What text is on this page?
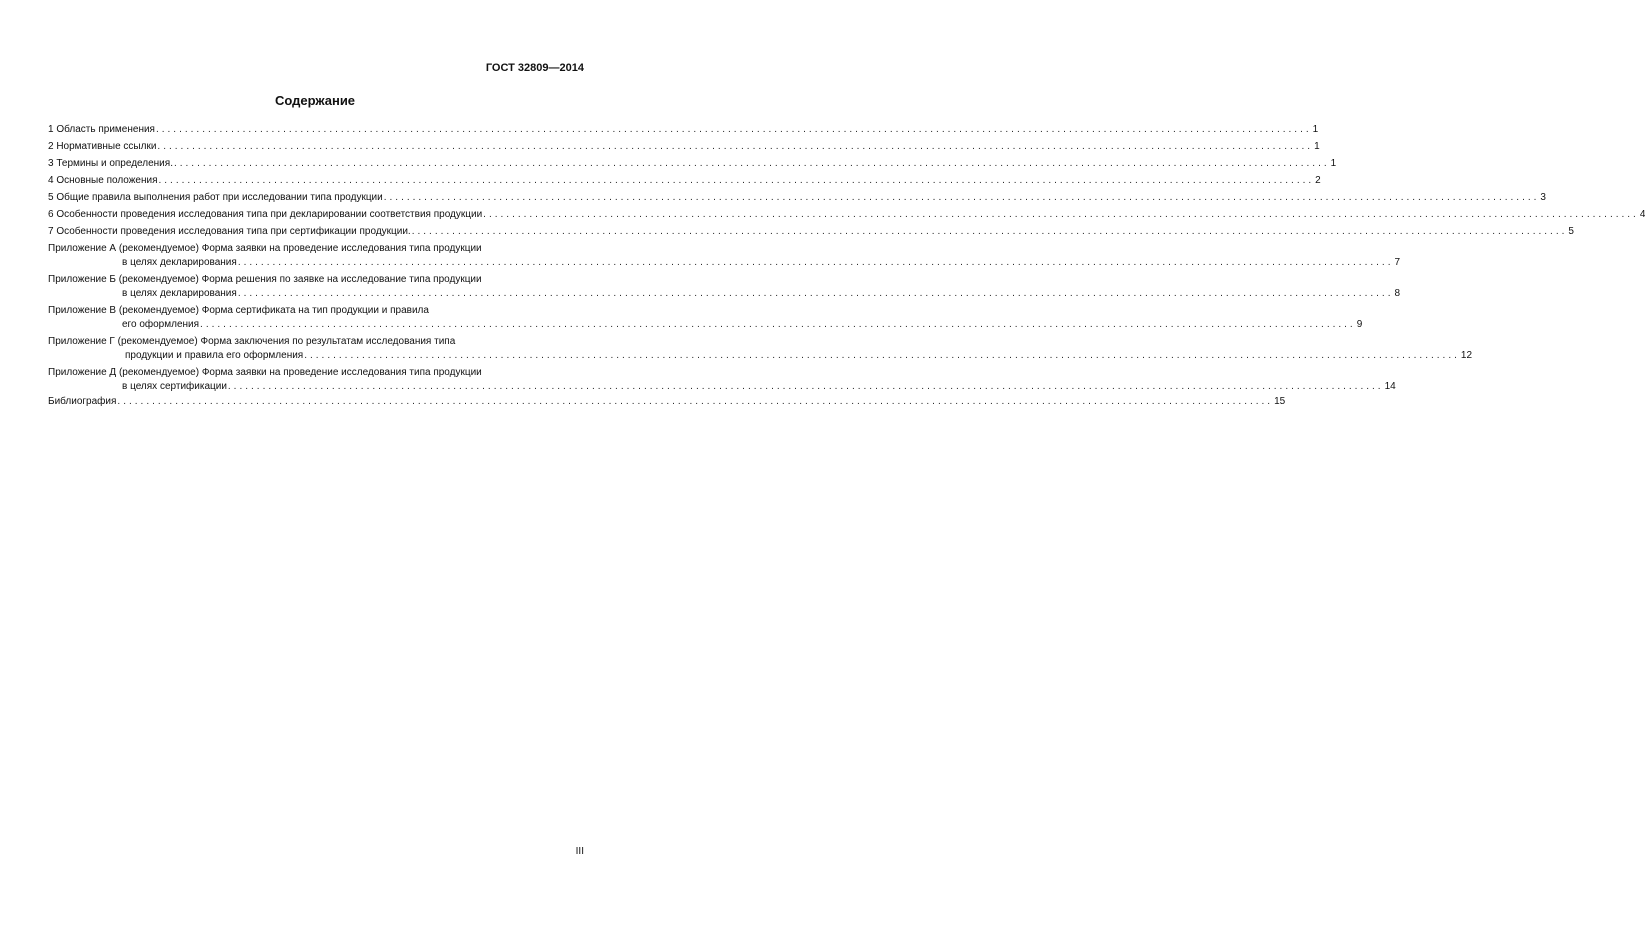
ГОСТ 32809—2014
Содержание
1 Область применения ........................................................................................................................................................................................................ 1
2 Нормативные ссылки ........................................................................................................................................................................................................ 1
3 Термины и определения. ........................................................................................................................................................................................................ 1
4 Основные положения ........................................................................................................................................................................................................ 2
5 Общие правила выполнения работ при исследовании типа продукции ........................................................................................................................................................................................................ 3
6 Особенности проведения исследования типа при декларировании соответствия продукции ........................................................................................................................................................................................................ 4
7 Особенности проведения исследования типа при сертификации продукции. ........................................................................................................................................................................................................ 5
Приложение А (рекомендуемое) Форма заявки на проведение исследования типа продукции
в целях декларирования ........................................................................................................................................................................................................ 7
Приложение Б (рекомендуемое) Форма решения по заявке на исследование типа продукции
в целях декларирования ........................................................................................................................................................................................................ 8
Приложение В (рекомендуемое) Форма сертификата на тип продукции и правила
его оформления ........................................................................................................................................................................................................ 9
Приложение Г (рекомендуемое) Форма заключения по результатам исследования типа
продукции и правила его оформления ........................................................................................................................................................................................................ 12
Приложение Д (рекомендуемое) Форма заявки на проведение исследования типа продукции
в целях сертификации ........................................................................................................................................................................................................ 14
Библиография ........................................................................................................................................................................................................ 15
III
